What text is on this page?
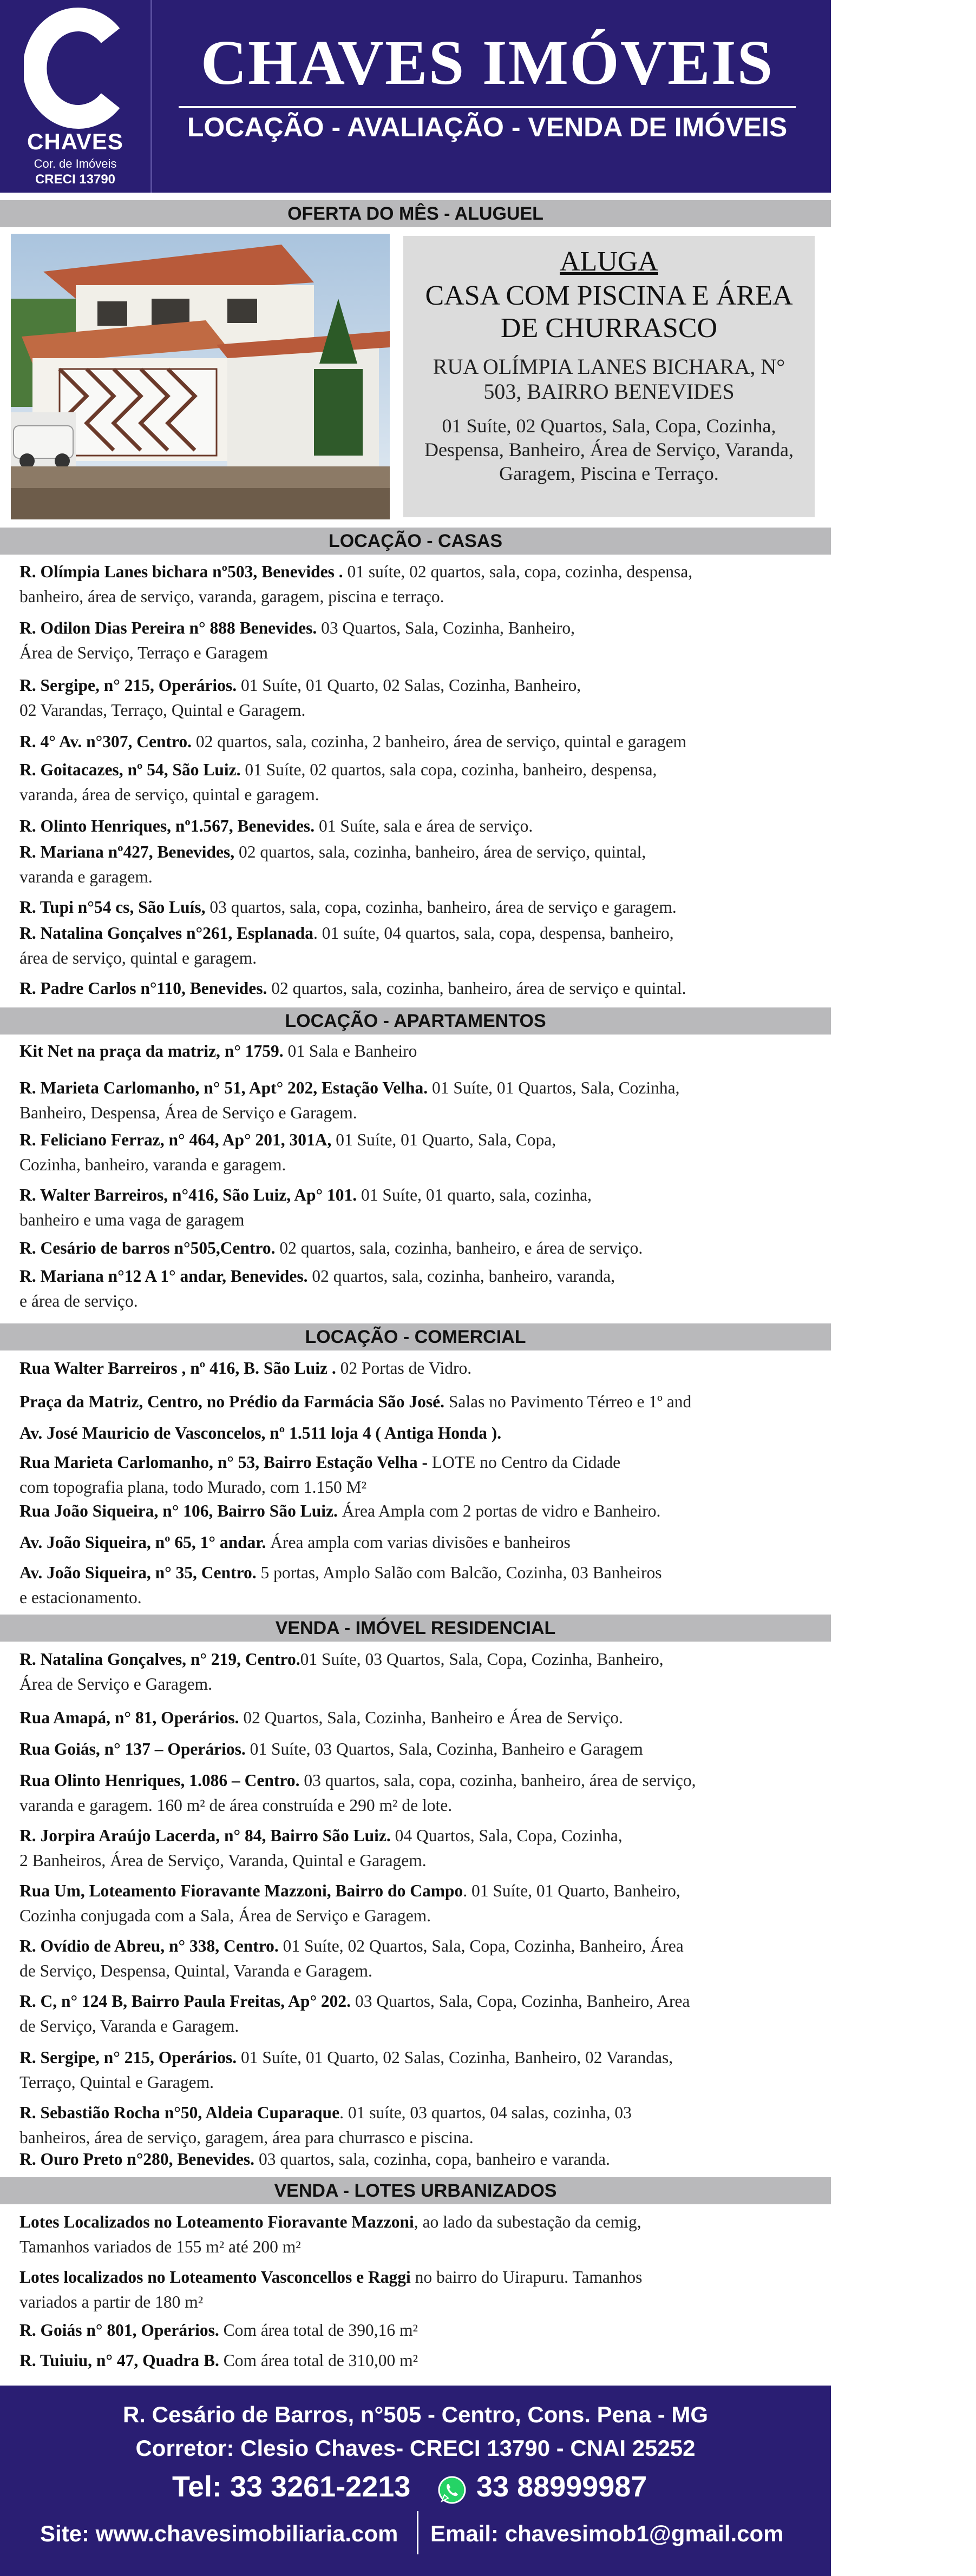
CHAVES
Cor. de Imóveis
CRECI 13790
CHAVES IMÓVEIS
LOCAÇÃO - AVALIAÇÃO - VENDA DE IMÓVEIS
OFERTA DO MÊS - ALUGUEL
ALUGA
CASA COM PISCINA E ÁREA DE CHURRASCO
RUA OLÍMPIA LANES BICHARA, N° 503, BAIRRO BENEVIDES
01 Suíte, 02 Quartos, Sala, Copa, Cozinha, Despensa, Banheiro, Área de Serviço, Varanda, Garagem, Piscina e Terraço.
LOCAÇÃO - CASAS
R. Olímpia Lanes bichara nº503, Benevides . 01 suíte, 02 quartos, sala, copa, cozinha, despensa,
banheiro, área de serviço, varanda, garagem, piscina e terraço.
R. Odilon Dias Pereira n° 888 Benevides. 03 Quartos, Sala, Cozinha, Banheiro,
Área de Serviço, Terraço e Garagem
R. Sergipe, n° 215, Operários. 01 Suíte, 01 Quarto, 02 Salas, Cozinha, Banheiro,
02 Varandas, Terraço, Quintal e Garagem.
R. 4° Av. n°307, Centro. 02 quartos, sala, cozinha, 2 banheiro, área de serviço, quintal e garagem
R. Goitacazes, nº 54, São Luiz. 01 Suíte, 02 quartos, sala copa, cozinha, banheiro, despensa,
varanda, área de serviço, quintal e garagem.
R. Olinto Henriques, nº1.567, Benevides. 01 Suíte, sala e área de serviço.
R. Mariana nº427, Benevides, 02 quartos, sala, cozinha, banheiro, área de serviço, quintal,
varanda e garagem.
R. Tupi n°54 cs, São Luís, 03 quartos, sala, copa, cozinha, banheiro, área de serviço e garagem.
R. Natalina Gonçalves n°261, Esplanada. 01 suíte, 04 quartos, sala, copa, despensa, banheiro,
área de serviço, quintal e garagem.
R. Padre Carlos n°110, Benevides. 02 quartos, sala, cozinha, banheiro, área de serviço e quintal.
LOCAÇÃO - APARTAMENTOS
Kit Net na praça da matriz, n° 1759. 01 Sala e Banheiro
R. Marieta Carlomanho, n° 51, Apt° 202, Estação Velha. 01 Suíte, 01 Quartos, Sala, Cozinha,
Banheiro, Despensa, Área de Serviço e Garagem.
R. Feliciano Ferraz, n° 464, Ap° 201, 301A, 01 Suíte, 01 Quarto, Sala, Copa,
Cozinha, banheiro, varanda e garagem.
R. Walter Barreiros, n°416, São Luiz, Ap° 101. 01 Suíte, 01 quarto, sala, cozinha,
banheiro e uma vaga de garagem
R. Cesário de barros n°505,Centro. 02 quartos, sala, cozinha, banheiro, e área de serviço.
R. Mariana n°12 A 1° andar, Benevides. 02 quartos, sala, cozinha, banheiro, varanda,
e área de serviço.
LOCAÇÃO - COMERCIAL
Rua Walter Barreiros , nº 416, B. São Luiz . 02 Portas de Vidro.
Praça da Matriz, Centro, no Prédio da Farmácia São José. Salas no Pavimento Térreo e 1º and
Av. José Mauricio de Vasconcelos, nº 1.511 loja 4 ( Antiga Honda ).
Rua Marieta Carlomanho, n° 53, Bairro Estação Velha - LOTE no Centro da Cidade
com topografia plana, todo Murado, com 1.150 M²
Rua João Siqueira, n° 106, Bairro São Luiz. Área Ampla com 2 portas de vidro e Banheiro.
Av. João Siqueira, nº 65, 1° andar. Área ampla com varias divisões e banheiros
Av. João Siqueira, n° 35, Centro. 5 portas, Amplo Salão com Balcão, Cozinha, 03 Banheiros
e estacionamento.
VENDA - IMÓVEL RESIDENCIAL
R. Natalina Gonçalves, n° 219, Centro.01 Suíte, 03 Quartos, Sala, Copa, Cozinha, Banheiro,
Área de Serviço e Garagem.
Rua Amapá, n° 81, Operários. 02 Quartos, Sala, Cozinha, Banheiro e Área de Serviço.
Rua Goiás, n° 137 – Operários. 01 Suíte, 03 Quartos, Sala, Cozinha, Banheiro e Garagem
Rua Olinto Henriques, 1.086 – Centro. 03 quartos, sala, copa, cozinha, banheiro, área de serviço,
varanda e garagem. 160 m² de área construída e 290 m² de lote.
R. Jorpira Araújo Lacerda, n° 84, Bairro São Luiz. 04 Quartos, Sala, Copa, Cozinha,
2 Banheiros, Área de Serviço, Varanda, Quintal e Garagem.
Rua Um, Loteamento Fioravante Mazzoni, Bairro do Campo. 01 Suíte, 01 Quarto, Banheiro,
Cozinha conjugada com a Sala, Área de Serviço e Garagem.
R. Ovídio de Abreu, n° 338, Centro. 01 Suíte, 02 Quartos, Sala, Copa, Cozinha, Banheiro, Área
de Serviço, Despensa, Quintal, Varanda e Garagem.
R. C, n° 124 B, Bairro Paula Freitas, Ap° 202. 03 Quartos, Sala, Copa, Cozinha, Banheiro, Area
de Serviço, Varanda e Garagem.
R. Sergipe, n° 215, Operários. 01 Suíte, 01 Quarto, 02 Salas, Cozinha, Banheiro, 02 Varandas,
Terraço, Quintal e Garagem.
R. Sebastião Rocha n°50, Aldeia Cuparaque. 01 suíte, 03 quartos, 04 salas, cozinha, 03
banheiros, área de serviço, garagem, área para churrasco e piscina.
R. Ouro Preto n°280, Benevides. 03 quartos, sala, cozinha, copa, banheiro e varanda.
VENDA - LOTES URBANIZADOS
Lotes Localizados no Loteamento Fioravante Mazzoni, ao lado da subestação da cemig,
Tamanhos variados de 155 m² até 200 m²
Lotes localizados no Loteamento Vasconcellos e Raggi no bairro do Uirapuru. Tamanhos
variados a partir de 180 m²
R. Goiás n° 801, Operários. Com área total de 390,16 m²
R. Tuiuiu, n° 47, Quadra B. Com área total de 310,00 m²
R. Cesário de Barros, n°505 - Centro, Cons. Pena - MG
Corretor: Clesio Chaves- CRECI 13790 - CNAI 25252
Tel: 33 3261-2213 33 88999987
Site: www.chavesimobiliaria.com Email: chavesimob1@gmail.com
